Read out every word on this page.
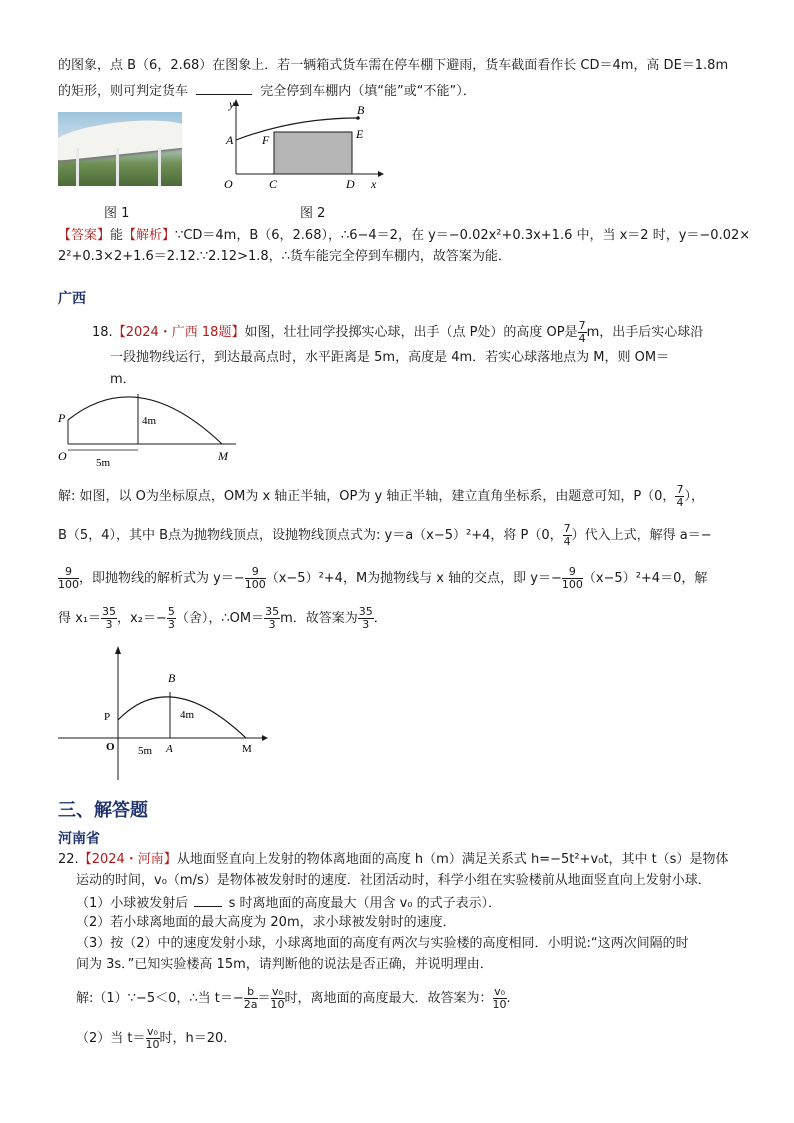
的图象，点 B（6，2.68）在图象上．若一辆箱式货车需在停车棚下避雨，货车截面看作长 CD＝4m，高 DE＝1.8m
的矩形，则可判定货车	完全停到车棚内（填“能”或“不能”）．
图 1
y
x
A
B
E
F
O	C	D
图 2
【答案】能【解析】∵CD＝4m，B（6，2.68），∴6−4＝2，在 y＝−0.02x²+0.3x+1.6 中，当 x＝2 时，y＝−0.02×
2²+0.3×2+1.6＝2.12.∵2.12>1.8，∴货车能完全停到车棚内，故答案为能．
广西
18.【2024・广西 18题】如图，壮壮同学投掷实心球，出手（点 P处）的高度 OP是 $\frac{7}{4}$ m，出手后实心球沿
一段抛物线运行，到达最高点时，水平距离是 5m，高度是 4m．若实心球落地点为 M，则 OM＝
m．
P
O	M
4m
5m
解: 如图，以 O为坐标原点，OM为 x 轴正半轴，OP为 y 轴正半轴，建立直角坐标系，由题意可知，P（0， $\frac{7}{4}$ ），
B（5，4），其中 B点为抛物线顶点，设抛物线顶点式为: y＝a（x−5）²+4，将 P（0， $\frac{7}{4}$ ）代入上式，解得 a＝−
$\frac{9}{100}$ ，即抛物线的解析式为 $y=- \frac{9}{100} (x-5)^2+4$，M为抛物线与 x 轴的交点，即 $y=- \frac{9}{100} (x-5)^2+4=0$，解
得 $x_1= \frac{35}{3}$ ，$x_2=- \frac{5}{3}$ （舍），∴OM＝ $\frac{35}{3}$ m．故答案为 $\frac{35}{3}$ ．
B
P
O	A	M
4m
5m
三、解答题
河南省
22.【2024・河南】从地面竖直向上发射的物体离地面的高度 h（m）满足关系式 h=−5t²+v₀t，其中 t（s）是物体
运动的时间，v₀（m/s）是物体被发射时的速度．社团活动时，科学小组在实验楼前从地面竖直向上发射小球．
（1）小球被发射后	s 时离地面的高度最大（用含 v₀ 的式子表示）．
（2）若小球离地面的最大高度为 20m，求小球被发射时的速度．
（3）按（2）中的速度发射小球，小球离地面的高度有两次与实验楼的高度相同．小明说:“这两次间隔的时
间为 3s．”已知实验楼高 15m，请判断他的说法是否正确，并说明理由．
解:（1）∵−5＜0，∴当 $t=- \frac{b}{2a} = \frac{\text{v₀}}{10}$ 时，离地面的高度最大．故答案为： $\frac{\text{v₀}}{10}$ .
（2）当 $t= \frac{\text{v₀}}{10}$ 时，h＝20．
